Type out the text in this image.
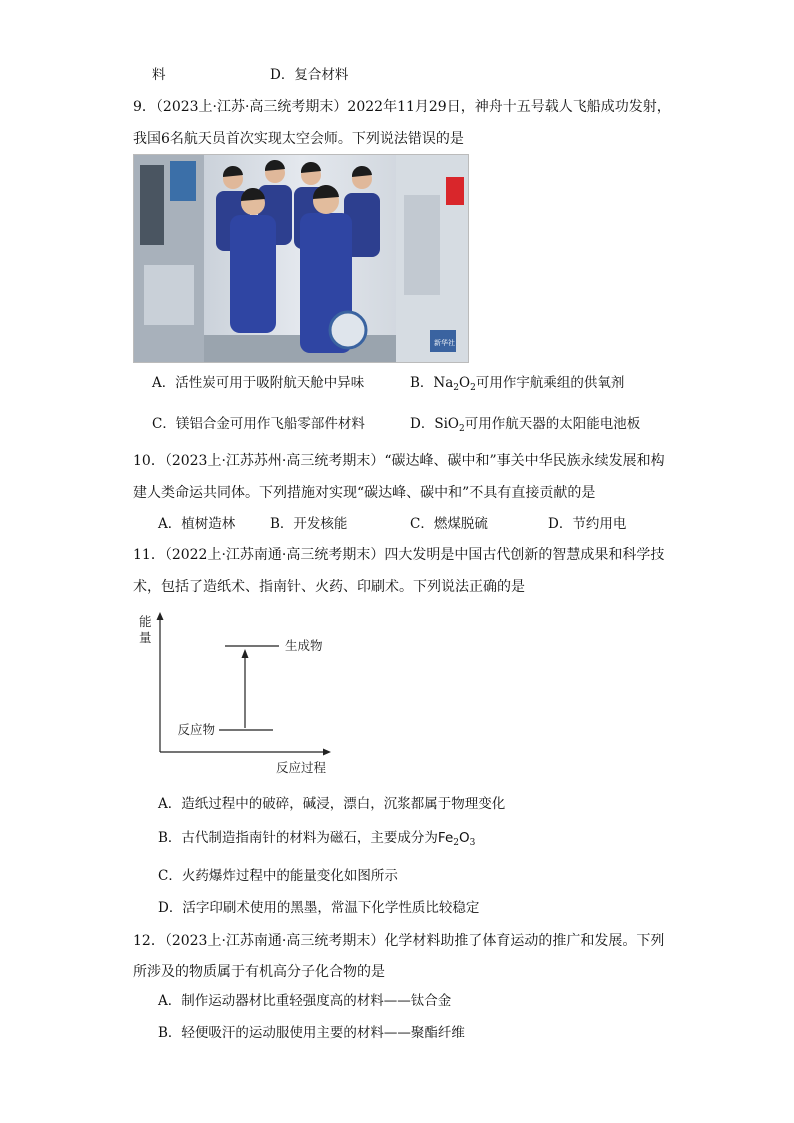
料	D．复合材料
9．（2023上·江苏·高三统考期末）2022年11月29日，神舟十五号载人飞船成功发射，
我国6名航天员首次实现太空会师。下列说法错误的是
新华社
A．活性炭可用于吸附航天舱中异味	B．$Na_2O_2$可用作宇航乘组的供氧剂
C．镁铝合金可用作飞船零部件材料	D．SiO$_2$可用作航天器的太阳能电池板
10．（2023上·江苏苏州·高三统考期末）“碳达峰、碳中和”事关中华民族永续发展和构
建人类命运共同体。下列措施对实现“碳达峰、碳中和”不具有直接贡献的是
A．植树造林	B．开发核能	C．燃煤脱硫	D．节约用电
11．（2022上·江苏南通·高三统考期末）四大发明是中国古代创新的智慧成果和科学技
术，包括了造纸术、指南针、火药、印刷术。下列说法正确的是
能 量
反应过程
反应物
生成物
A．造纸过程中的破碎，碱浸，漂白，沉浆都属于物理变化
B．古代制造指南针的材料为磁石，主要成分为$Fe_2O_3$
C．火药爆炸过程中的能量变化如图所示
D．活字印刷术使用的黑墨，常温下化学性质比较稳定
12．（2023上·江苏南通·高三统考期末）化学材料助推了体育运动的推广和发展。下列
所涉及的物质属于有机高分子化合物的是
A．制作运动器材比重轻强度高的材料——钛合金
B．轻便吸汗的运动服使用主要的材料——聚酯纤维
